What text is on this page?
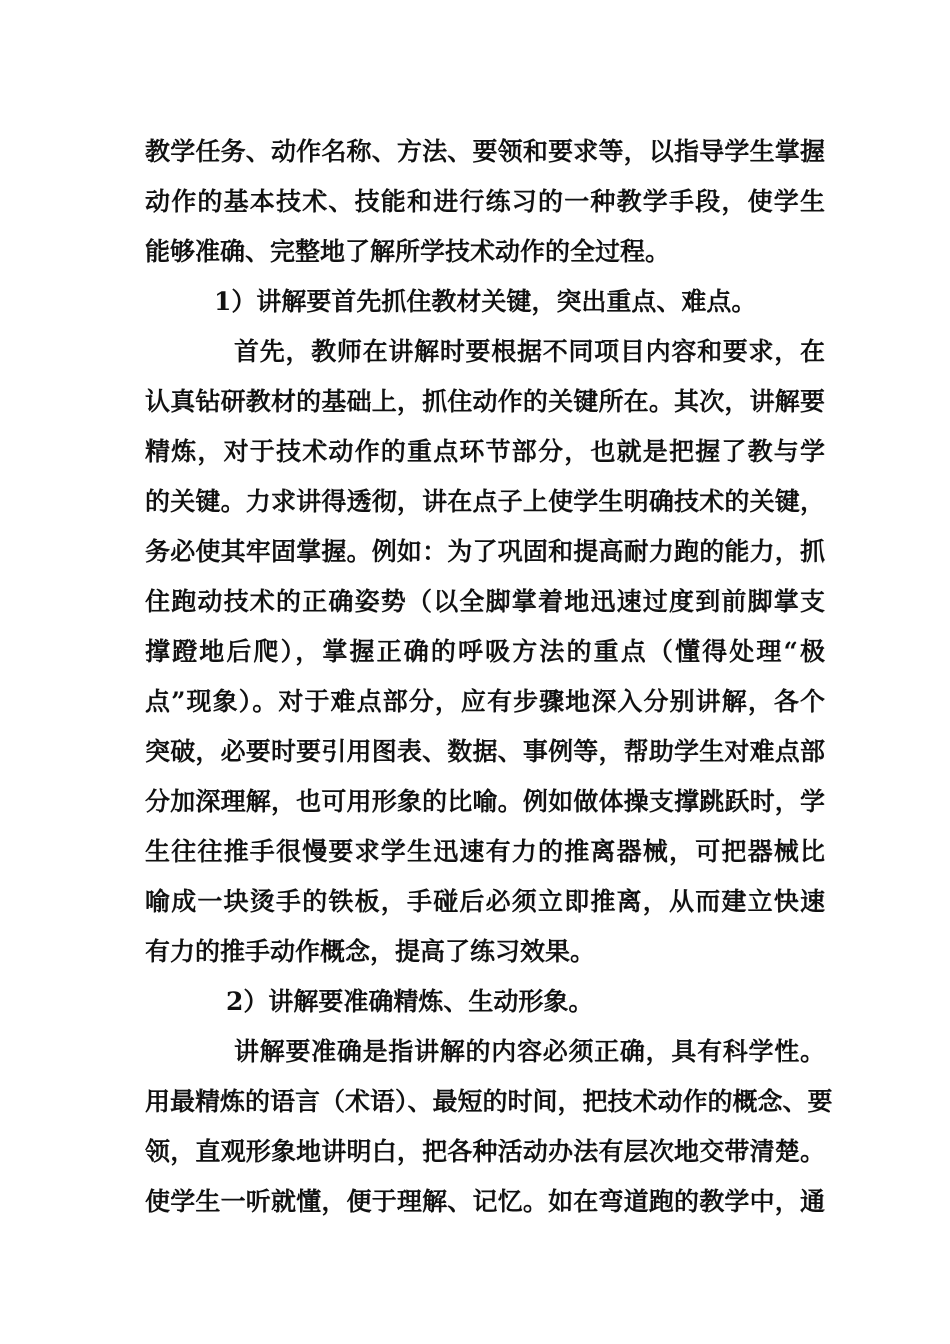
教学任务、动作名称、方法、要领和要求等，以指导学生掌握
动作的基本技术、技能和进行练习的一种教学手段，使学生
能够准确、完整地了解所学技术动作的全过程。
1）讲解要首先抓住教材关键，突出重点、难点。
首先，教师在讲解时要根据不同项目内容和要求，在
认真钻研教材的基础上，抓住动作的关键所在。其次，讲解要
精炼，对于技术动作的重点环节部分，也就是把握了教与学
的关键。力求讲得透彻，讲在点子上使学生明确技术的关键，
务必使其牢固掌握。例如：为了巩固和提高耐力跑的能力，抓
住跑动技术的正确姿势（以全脚掌着地迅速过度到前脚掌支
撑蹬地后爬），掌握正确的呼吸方法的重点（懂得处理“极
点”现象）。对于难点部分，应有步骤地深入分别讲解，各个
突破，必要时要引用图表、数据、事例等，帮助学生对难点部
分加深理解，也可用形象的比喻。例如做体操支撑跳跃时，学
生往往推手很慢要求学生迅速有力的推离器械，可把器械比
喻成一块烫手的铁板，手碰后必须立即推离，从而建立快速
有力的推手动作概念，提高了练习效果。
2）讲解要准确精炼、生动形象。
讲解要准确是指讲解的内容必须正确，具有科学性。
用最精炼的语言（术语）、最短的时间，把技术动作的概念、要
领，直观形象地讲明白，把各种活动办法有层次地交带清楚。
使学生一听就懂，便于理解、记忆。如在弯道跑的教学中，通
